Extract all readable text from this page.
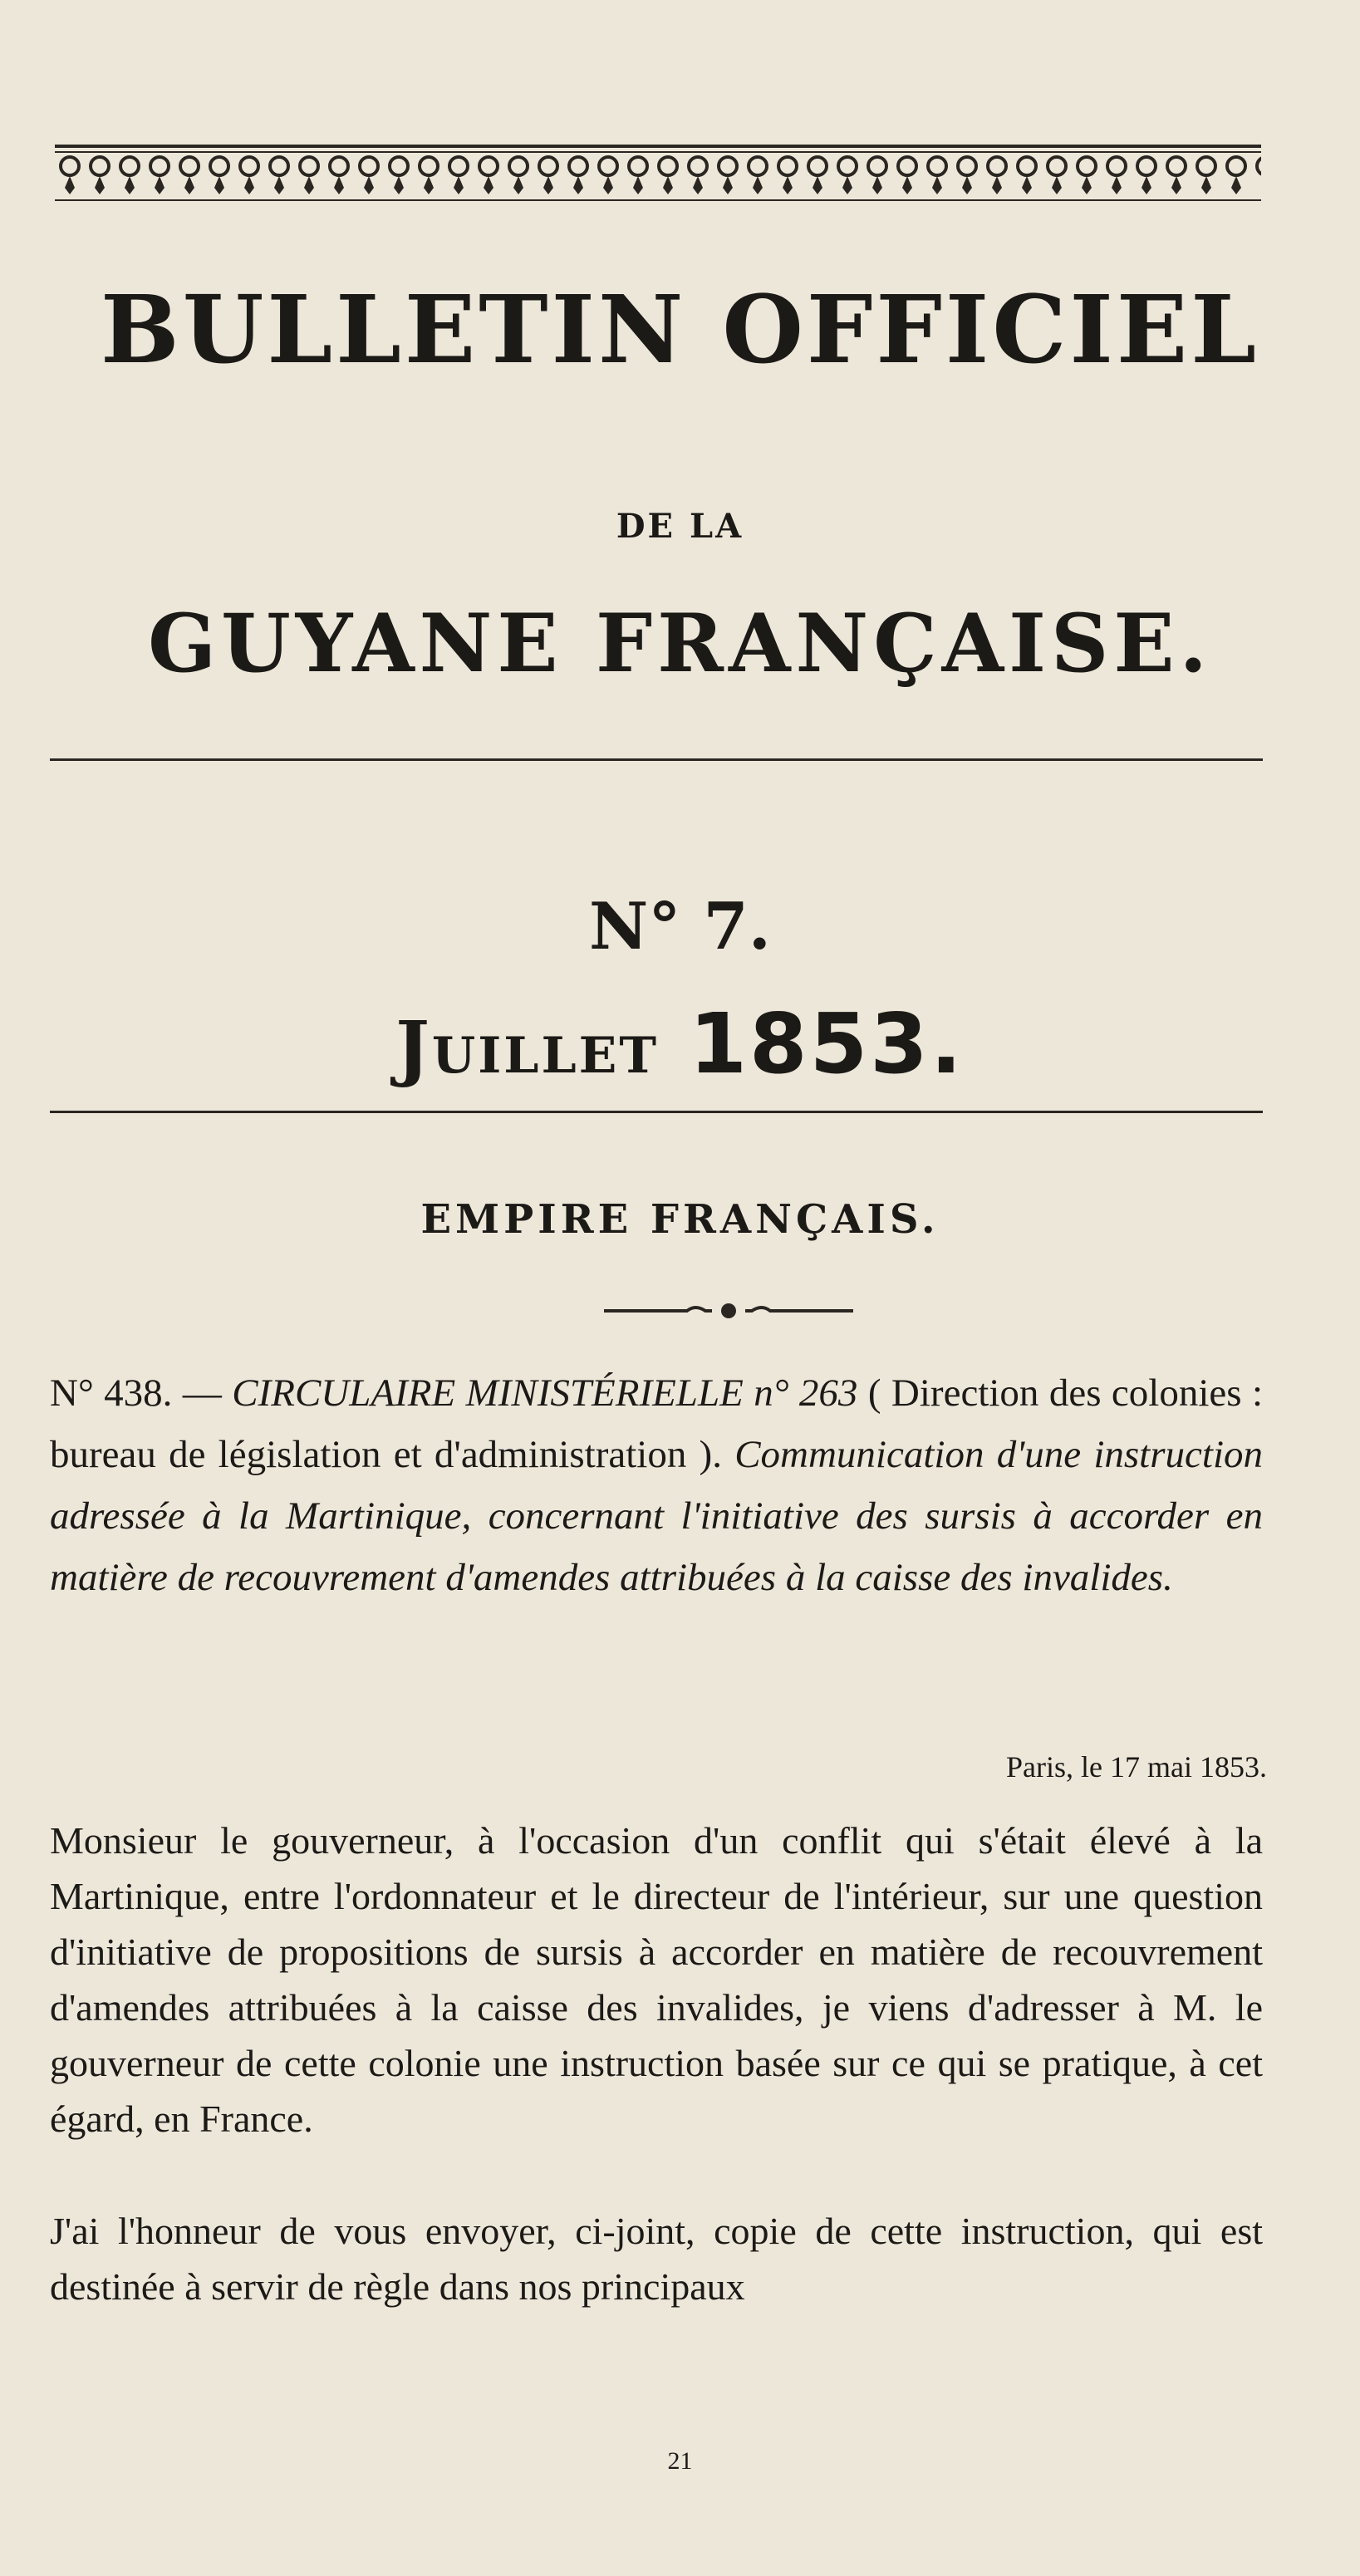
BULLETIN OFFICIEL
DE LA
GUYANE FRANÇAISE.
N° 7.
Juillet 1853.
EMPIRE FRANÇAIS.
N° 438. — CIRCULAIRE MINISTÉRIELLE n° 263 ( Direction des colonies : bureau de législation et d'administration ). Communication d'une instruction adressée à la Martinique, concernant l'initiative des sursis à accorder en matière de recouvrement d'amendes attribuées à la caisse des invalides.
Paris, le 17 mai 1853.
Monsieur le gouverneur, à l'occasion d'un conflit qui s'était élevé à la Martinique, entre l'ordonnateur et le directeur de l'intérieur, sur une question d'initiative de propositions de sursis à accorder en matière de recouvrement d'amendes attribuées à la caisse des invalides, je viens d'adresser à M. le gouverneur de cette colonie une instruction basée sur ce qui se pratique, à cet égard, en France.
J'ai l'honneur de vous envoyer, ci-joint, copie de cette instruction, qui est destinée à servir de règle dans nos principaux
21
